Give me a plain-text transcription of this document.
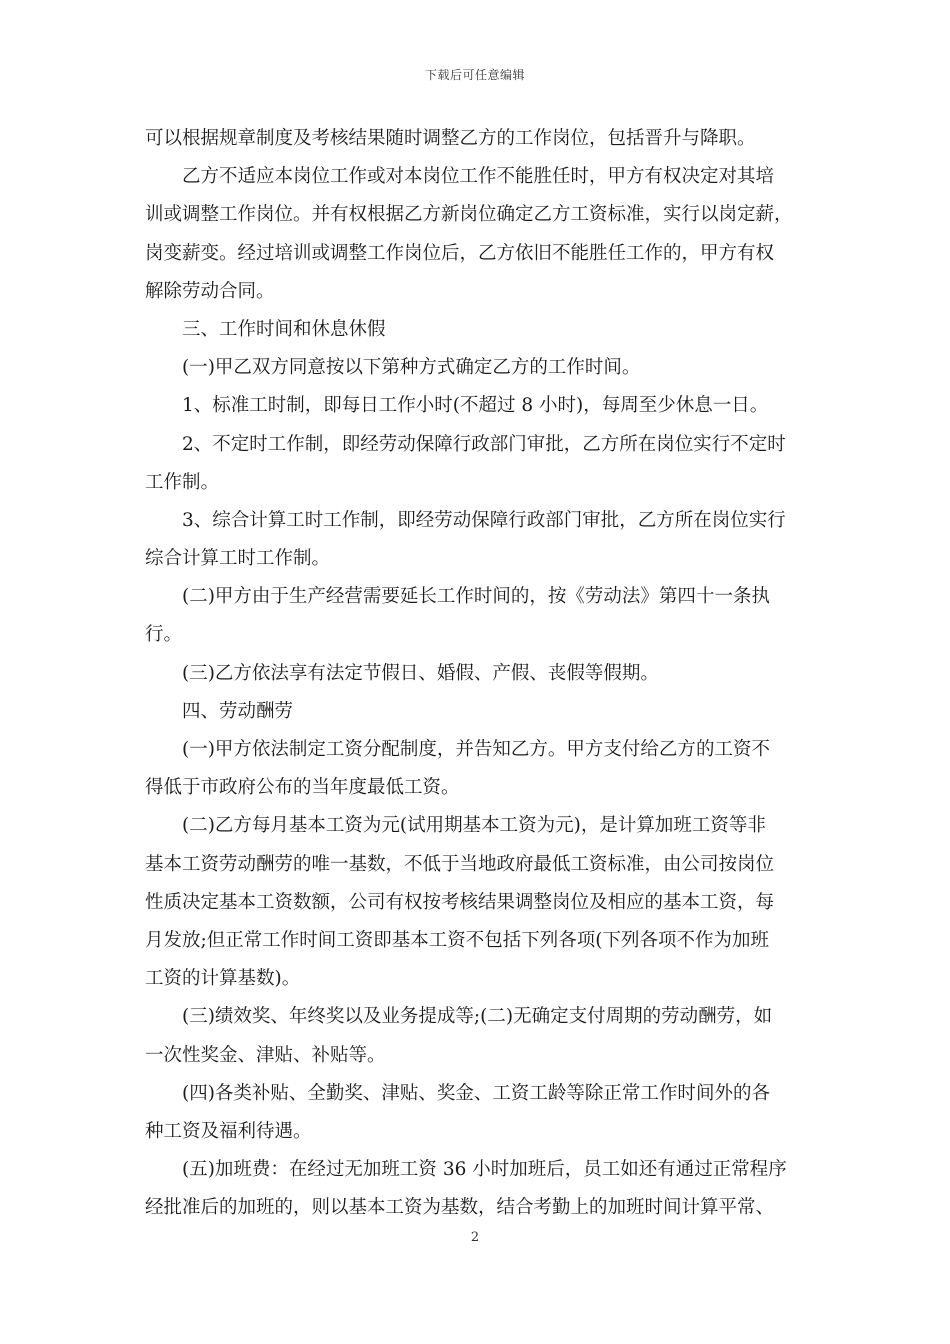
下载后可任意编辑
可以根据规章制度及考核结果随时调整乙方的工作岗位，包括晋升与降职。
乙方不适应本岗位工作或对本岗位工作不能胜任时，甲方有权决定对其培
训或调整工作岗位。并有权根据乙方新岗位确定乙方工资标准，实行以岗定薪，
岗变薪变。经过培训或调整工作岗位后，乙方依旧不能胜任工作的，甲方有权
解除劳动合同。
三、工作时间和休息休假
(一)甲乙双方同意按以下第种方式确定乙方的工作时间。
1、标准工时制，即每日工作小时(不超过 8 小时)，每周至少休息一日。
2、不定时工作制，即经劳动保障行政部门审批，乙方所在岗位实行不定时
工作制。
3、综合计算工时工作制，即经劳动保障行政部门审批，乙方所在岗位实行
综合计算工时工作制。
(二)甲方由于生产经营需要延长工作时间的，按《劳动法》第四十一条执
行。
(三)乙方依法享有法定节假日、婚假、产假、丧假等假期。
四、劳动酬劳
(一)甲方依法制定工资分配制度，并告知乙方。甲方支付给乙方的工资不
得低于市政府公布的当年度最低工资。
(二)乙方每月基本工资为元(试用期基本工资为元)，是计算加班工资等非
基本工资劳动酬劳的唯一基数，不低于当地政府最低工资标准，由公司按岗位
性质决定基本工资数额，公司有权按考核结果调整岗位及相应的基本工资，每
月发放;但正常工作时间工资即基本工资不包括下列各项(下列各项不作为加班
工资的计算基数)。
(三)绩效奖、年终奖以及业务提成等;(二)无确定支付周期的劳动酬劳，如
一次性奖金、津贴、补贴等。
(四)各类补贴、全勤奖、津贴、奖金、工资工龄等除正常工作时间外的各
种工资及福利待遇。
(五)加班费：在经过无加班工资 36 小时加班后，员工如还有通过正常程序
经批准后的加班的，则以基本工资为基数，结合考勤上的加班时间计算平常、
2
